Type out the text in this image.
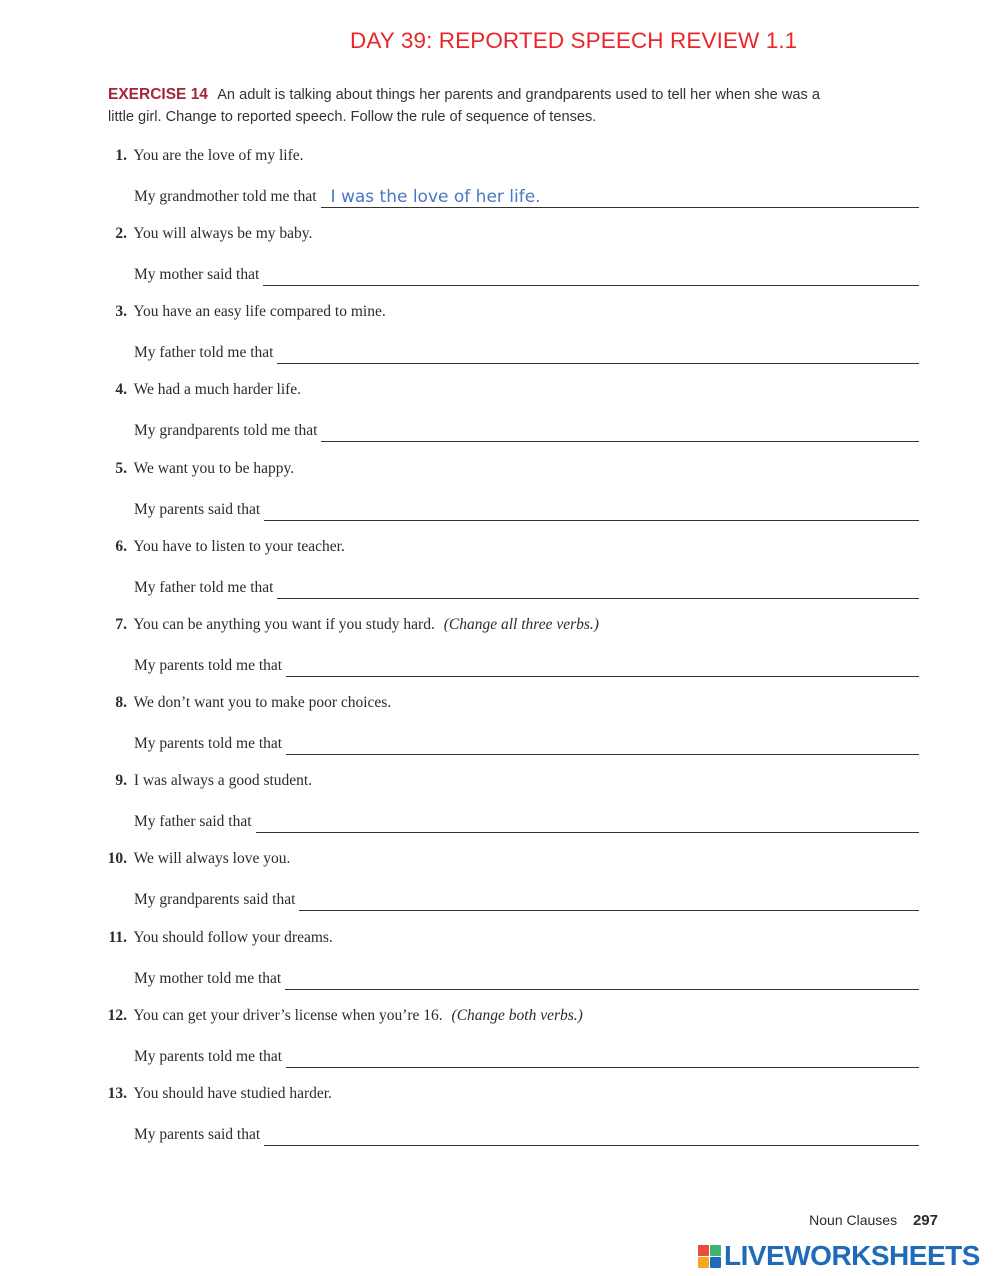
DAY 39: REPORTED SPEECH REVIEW 1.1
EXERCISE 14 An adult is talking about things her parents and grandparents used to tell her when she was a little girl. Change to reported speech. Follow the rule of sequence of tenses.
1. You are the love of my life.
My grandmother told me that I was the love of her life.
2. You will always be my baby.
My mother said that
3. You have an easy life compared to mine.
My father told me that
4. We had a much harder life.
My grandparents told me that
5. We want you to be happy.
My parents said that
6. You have to listen to your teacher.
My father told me that
7. You can be anything you want if you study hard. (Change all three verbs.)
My parents told me that
8. We don’t want you to make poor choices.
My parents told me that
9. I was always a good student.
My father said that
10. We will always love you.
My grandparents said that
11. You should follow your dreams.
My mother told me that
12. You can get your driver’s license when you’re 16. (Change both verbs.)
My parents told me that
13. You should have studied harder.
My parents said that
Noun Clauses 297
LIVEWORKSHEETS
